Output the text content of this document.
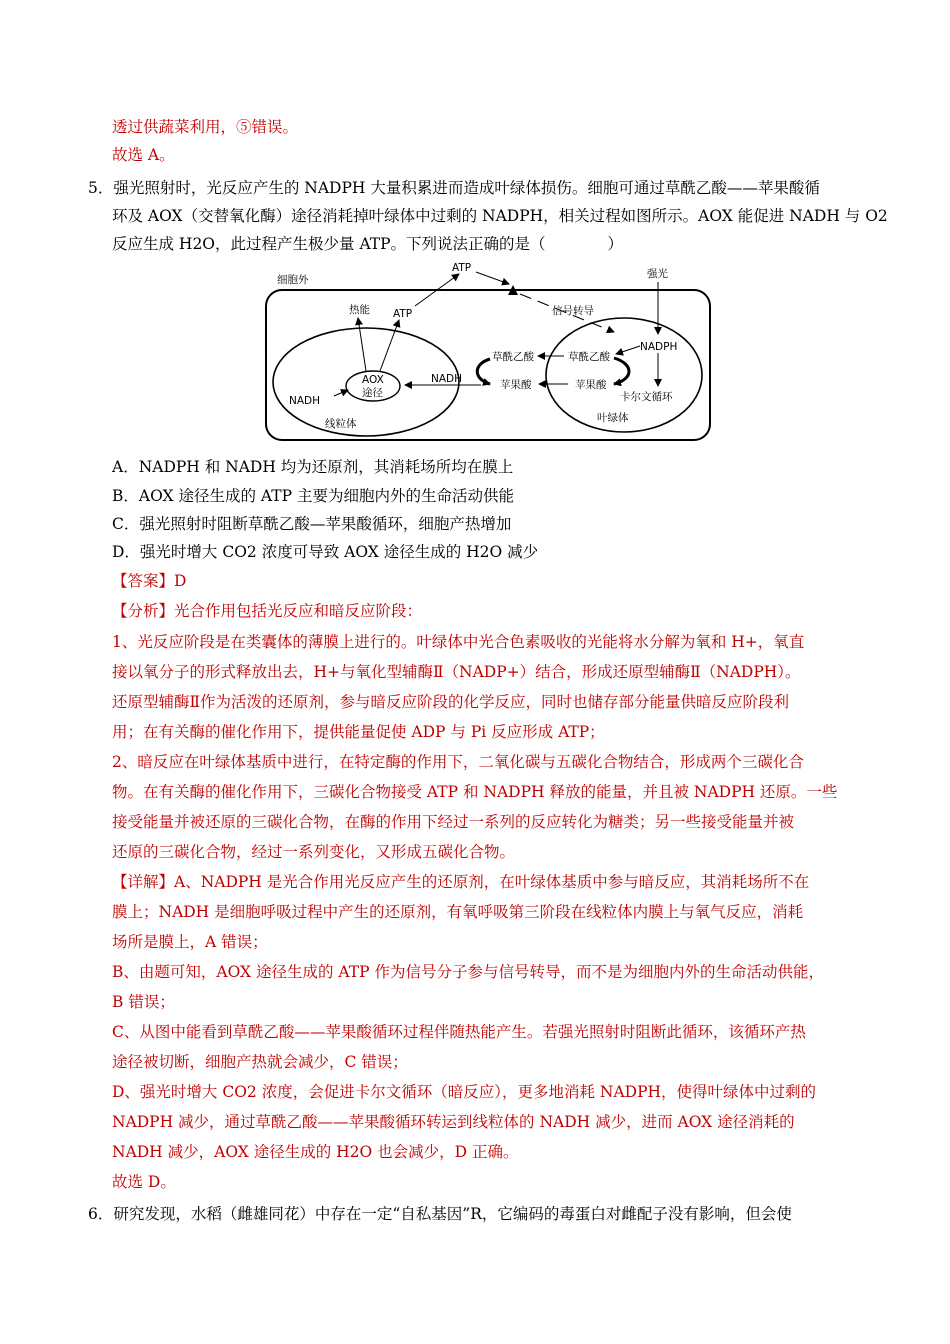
透过供蔬菜利用，⑤错误。
故选 A。
5．强光照射时，光反应产生的 NADPH 大量积累进而造成叶绿体损伤。细胞可通过草酰乙酸——苹果酸循
环及 AOX（交替氧化酶）途径消耗掉叶绿体中过剩的 NADPH，相关过程如图所示。AOX 能促进 NADH 与 O2
反应生成 H2O，此过程产生极少量 ATP。下列说法正确的是（　　　　）
细胞外
ATP	强光
热能 ATP	信号转导
NADPH
草酰乙酸	草酰乙酸
AOX
途径
NADH	苹果酸	苹果酸
卡尔文循环
NADH
线粒体	叶绿体
A．NADPH 和 NADH 均为还原剂，其消耗场所均在膜上
B．AOX 途径生成的 ATP 主要为细胞内外的生命活动供能
C．强光照射时阻断草酰乙酸—苹果酸循环，细胞产热增加
D．强光时增大 CO2 浓度可导致 AOX 途径生成的 H2O 减少
【答案】D
【分析】光合作用包括光反应和暗反应阶段：
1、光反应阶段是在类囊体的薄膜上进行的。叶绿体中光合色素吸收的光能将水分解为氧和 H+，氧直
接以氧分子的形式释放出去，H+与氧化型辅酶Ⅱ（NADP+）结合，形成还原型辅酶Ⅱ（NADPH）。
还原型辅酶Ⅱ作为活泼的还原剂，参与暗反应阶段的化学反应，同时也储存部分能量供暗反应阶段利
用；在有关酶的催化作用下，提供能量促使 ADP 与 Pi 反应形成 ATP；
2、暗反应在叶绿体基质中进行，在特定酶的作用下，二氧化碳与五碳化合物结合，形成两个三碳化合
物。在有关酶的催化作用下，三碳化合物接受 ATP 和 NADPH 释放的能量，并且被 NADPH 还原。一些
接受能量并被还原的三碳化合物，在酶的作用下经过一系列的反应转化为糖类；另一些接受能量并被
还原的三碳化合物，经过一系列变化，又形成五碳化合物。
【详解】A、NADPH 是光合作用光反应产生的还原剂，在叶绿体基质中参与暗反应，其消耗场所不在
膜上；NADH 是细胞呼吸过程中产生的还原剂，有氧呼吸第三阶段在线粒体内膜上与氧气反应，消耗
场所是膜上，A 错误；
B、由题可知，AOX 途径生成的 ATP 作为信号分子参与信号转导，而不是为细胞内外的生命活动供能，
B 错误；
C、从图中能看到草酰乙酸——苹果酸循环过程伴随热能产生。若强光照射时阻断此循环，该循环产热
途径被切断，细胞产热就会减少，C 错误；
D、强光时增大 CO2 浓度，会促进卡尔文循环（暗反应），更多地消耗 NADPH，使得叶绿体中过剩的
NADPH 减少，通过草酰乙酸——苹果酸循环转运到线粒体的 NADH 减少，进而 AOX 途径消耗的
NADH 减少，AOX 途径生成的 H2O 也会减少，D 正确。
故选 D。
6．研究发现，水稻（雌雄同花）中存在一定“自私基因”R，它编码的毒蛋白对雌配子没有影响，但会使
